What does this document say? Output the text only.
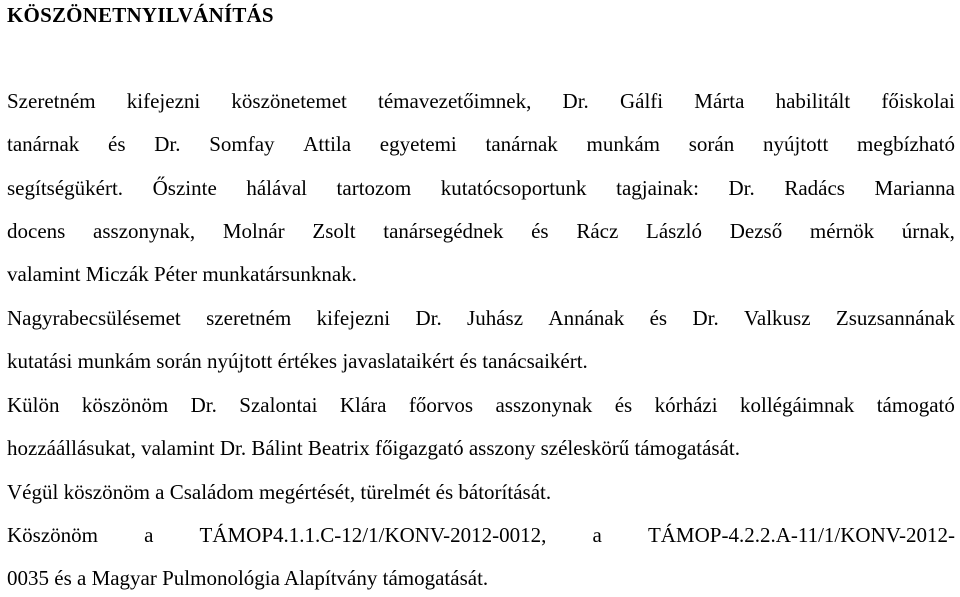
KÖSZÖNETNYILVÁNÍTÁS

Szeretném kifejezni köszönetemet témavezetőimnek, Dr. Gálfi Márta habilitált főiskolai

tanárnak és Dr. Somfay Attila egyetemi tanárnak munkám során nyújtott megbízható

segítségükért. Őszinte hálával tartozom kutatócsoportunk tagjainak: Dr. Radács Marianna

docens asszonynak, Molnár Zsolt tanársegédnek és Rácz László Dezső mérnök úrnak,

valamint Miczák Péter munkatársunknak.

Nagyrabecsülésemet szeretném kifejezni Dr. Juhász Annának és Dr. Valkusz Zsuzsannának

kutatási munkám során nyújtott értékes javaslataikért és tanácsaikért.

Külön köszönöm Dr. Szalontai Klára főorvos asszonynak és kórházi kollégáimnak támogató

hozzáállásukat, valamint Dr. Bálint Beatrix főigazgató asszony széleskörű támogatását.

Végül köszönöm a Családom megértését, türelmét és bátorítását.

Köszönöm a TÁMOP4.1.1.C-12/1/KONV-2012-0012, a TÁMOP-4.2.2.A-11/1/KONV-2012-

0035 és a Magyar Pulmonológia Alapítvány támogatását.
